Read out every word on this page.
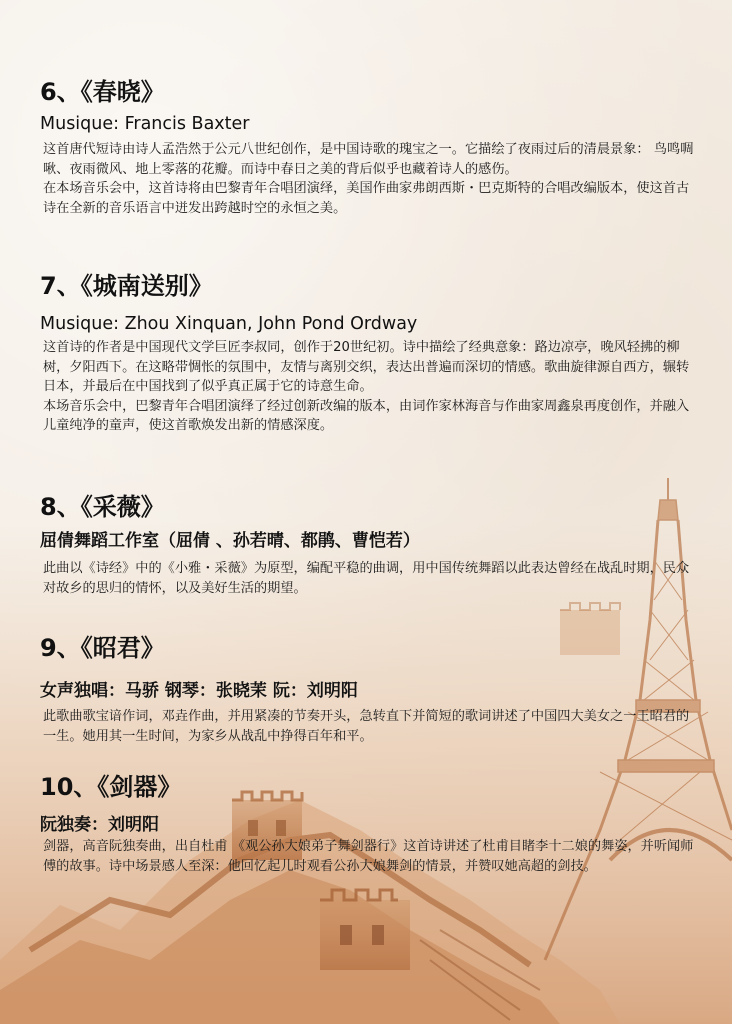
6、《春晓》
Musique: Francis Baxter

这首唐代短诗由诗人孟浩然于公元八世纪创作，是中国诗歌的瑰宝之一。它描绘了夜雨过后的清晨景象： 鸟鸣啁啾、夜雨微风、地上零落的花瓣。而诗中春日之美的背后似乎也藏着诗人的感伤。

在本场音乐会中，这首诗将由巴黎青年合唱团演绎，美国作曲家弗朗西斯・巴克斯特的合唱改编版本，使这首古诗在全新的音乐语言中迸发出跨越时空的永恒之美。

7、《城南送别》
Musique: Zhou Xinquan, John Pond Ordway

这首诗的作者是中国现代文学巨匠李叔同，创作于20世纪初。诗中描绘了经典意象：路边凉亭，晚风轻拂的柳树，夕阳西下。在这略带惆怅的氛围中，友情与离别交织，表达出普遍而深切的情感。歌曲旋律源自西方，辗转日本，并最后在中国找到了似乎真正属于它的诗意生命。

本场音乐会中，巴黎青年合唱团演绎了经过创新改编的版本，由词作家林海音与作曲家周鑫泉再度创作，并融入儿童纯净的童声，使这首歌焕发出新的情感深度。

8、《采薇》
屈倩舞蹈工作室（屈倩 、孙若晴、都鹃、曹恺若）

此曲以《诗经》中的《小雅・采薇》为原型，编配平稳的曲调，用中国传统舞蹈以此表达曾经在战乱时期，民众对故乡的思归的情怀，以及美好生活的期望。

9、《昭君》
女声独唱：马骄 钢琴：张晓茉 阮：刘明阳

此歌曲歌宝谙作词，邓垚作曲，并用紧凑的节奏开头，急转直下并简短的歌词讲述了中国四大美女之一王昭君的一生。她用其一生时间，为家乡从战乱中挣得百年和平。

10、《剑器》
阮独奏：刘明阳

剑器，高音阮独奏曲，出自杜甫 《观公孙大娘弟子舞剑器行》这首诗讲述了杜甫目睹李十二娘的舞姿，并听闻师傅的故事。诗中场景感人至深：他回忆起儿时观看公孙大娘舞剑的情景，并赞叹她高超的剑技。
